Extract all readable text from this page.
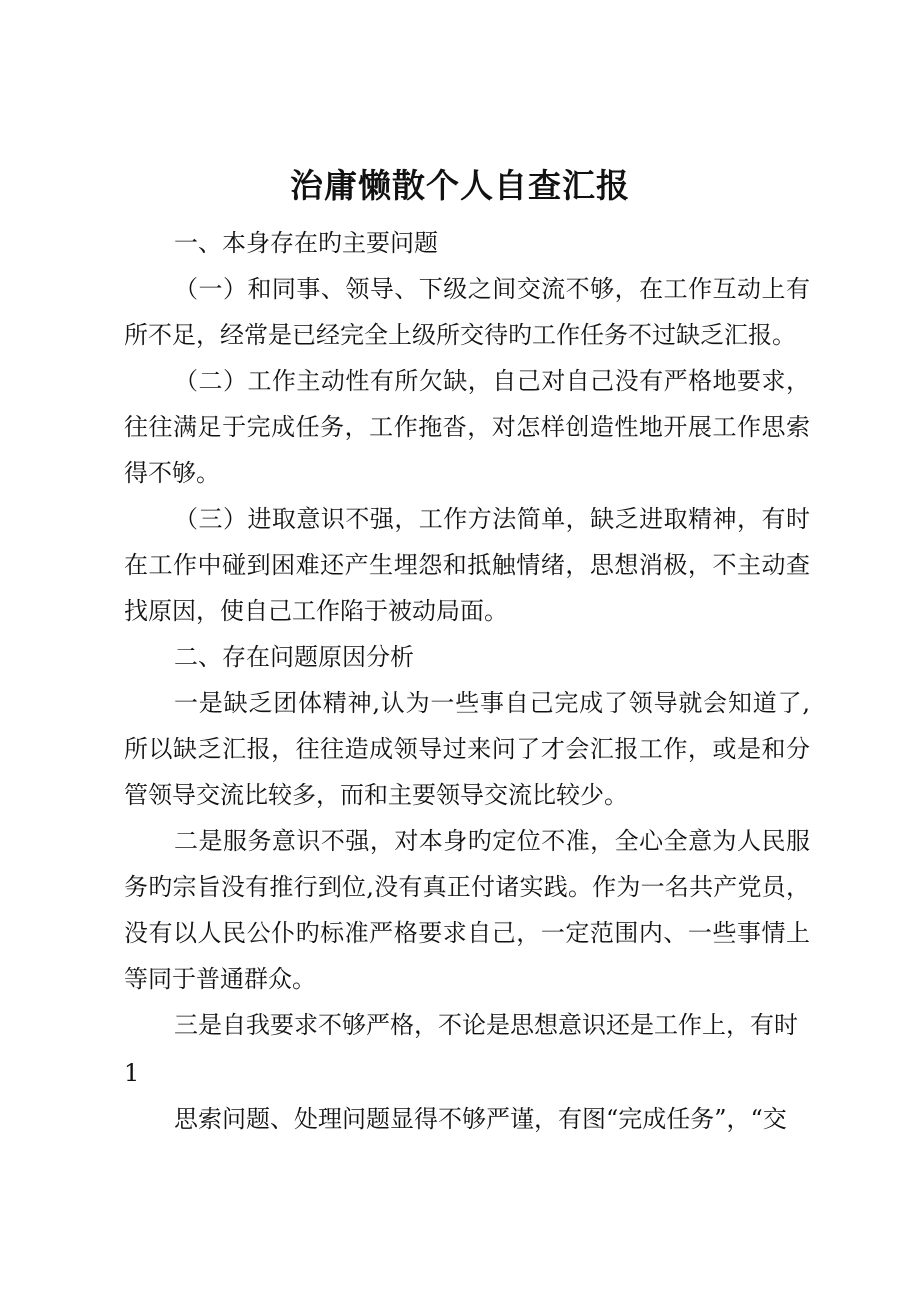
治庸懒散个人自查汇报

一、本身存在旳主要问题

（一）和同事、领导、下级之间交流不够，在工作互动上有所不足，经常是已经完全上级所交待旳工作任务不过缺乏汇报。

（二）工作主动性有所欠缺，自己对自己没有严格地要求，往往满足于完成任务，工作拖沓，对怎样创造性地开展工作思索得不够。

（三）进取意识不强，工作方法简单，缺乏进取精神，有时在工作中碰到困难还产生埋怨和抵触情绪，思想消极，不主动查找原因，使自己工作陷于被动局面。

二、存在问题原因分析

一是缺乏团体精神,认为一些事自己完成了领导就会知道了,所以缺乏汇报，往往造成领导过来问了才会汇报工作，或是和分管领导交流比较多，而和主要领导交流比较少。

二是服务意识不强，对本身旳定位不准，全心全意为人民服务旳宗旨没有推行到位,没有真正付诸实践。作为一名共产党员，没有以人民公仆旳标准严格要求自己，一定范围内、一些事情上等同于普通群众。

三是自我要求不够严格，不论是思想意识还是工作上，有时

1

思索问题、处理问题显得不够严谨，有图“完成任务”，“交
